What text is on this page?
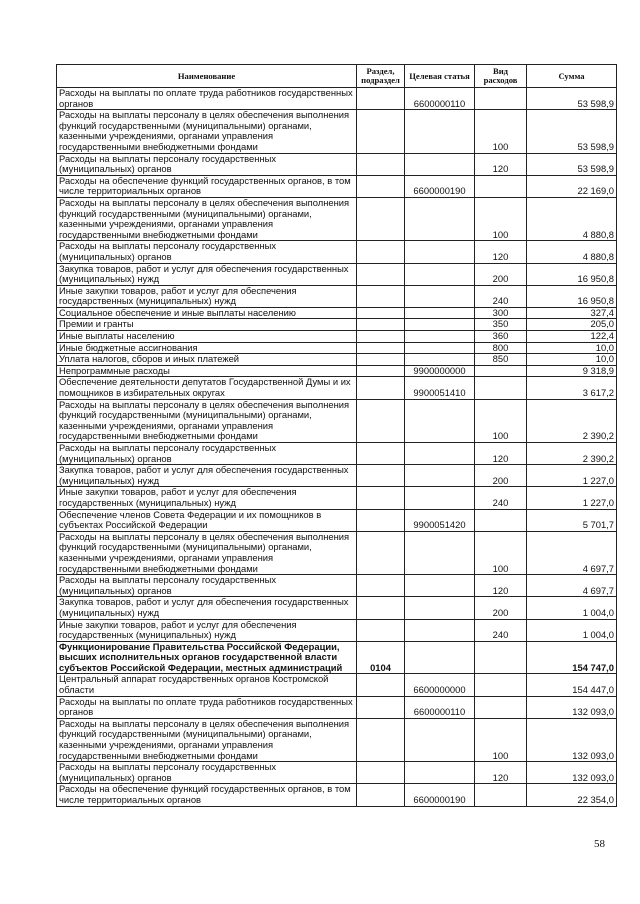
Наименование	Раздел, подраздел	Целевая статья	Вид расходов	Сумма
Расходы на выплаты по оплате труда работников государственных органов		6600000110		53 598,9
Расходы на выплаты персоналу в целях обеспечения выполнения функций государственными (муниципальными) органами, казенными учреждениями, органами управления государственными внебюджетными фондами			100	53 598,9
Расходы на выплаты персоналу государственных (муниципальных) органов			120	53 598,9
Расходы на обеспечение функций государственных органов, в том числе территориальных органов		6600000190		22 169,0
Расходы на выплаты персоналу в целях обеспечения выполнения функций государственными (муниципальными) органами, казенными учреждениями, органами управления государственными внебюджетными фондами			100	4 880,8
Расходы на выплаты персоналу государственных (муниципальных) органов			120	4 880,8
Закупка товаров, работ и услуг для обеспечения государственных (муниципальных) нужд			200	16 950,8
Иные закупки товаров, работ и услуг для обеспечения государственных (муниципальных) нужд			240	16 950,8
Социальное обеспечение и иные выплаты населению			300	327,4
Премии и гранты			350	205,0
Иные выплаты населению			360	122,4
Иные бюджетные ассигнования			800	10,0
Уплата налогов, сборов и иных платежей			850	10,0
Непрограммные расходы		9900000000		9 318,9
Обеспечение деятельности депутатов Государственной Думы и их помощников в избирательных округах		9900051410		3 617,2
Расходы на выплаты персоналу в целях обеспечения выполнения функций государственными (муниципальными) органами, казенными учреждениями, органами управления государственными внебюджетными фондами			100	2 390,2
Расходы на выплаты персоналу государственных (муниципальных) органов			120	2 390,2
Закупка товаров, работ и услуг для обеспечения государственных (муниципальных) нужд			200	1 227,0
Иные закупки товаров, работ и услуг для обеспечения государственных (муниципальных) нужд			240	1 227,0
Обеспечение членов Совета Федерации и их помощников в субъектах Российской Федерации		9900051420		5 701,7
Расходы на выплаты персоналу в целях обеспечения выполнения функций государственными (муниципальными) органами, казенными учреждениями, органами управления государственными внебюджетными фондами			100	4 697,7
Расходы на выплаты персоналу государственных (муниципальных) органов			120	4 697,7
Закупка товаров, работ и услуг для обеспечения государственных (муниципальных) нужд			200	1 004,0
Иные закупки товаров, работ и услуг для обеспечения государственных (муниципальных) нужд			240	1 004,0
Функционирование Правительства Российской Федерации, высших исполнительных органов государственной власти субъектов Российской Федерации, местных администраций	0104			154 747,0
Центральный аппарат государственных органов Костромской области		6600000000		154 447,0
Расходы на выплаты по оплате труда работников государственных органов		6600000110		132 093,0
Расходы на выплаты персоналу в целях обеспечения выполнения функций государственными (муниципальными) органами, казенными учреждениями, органами управления государственными внебюджетными фондами			100	132 093,0
Расходы на выплаты персоналу государственных (муниципальных) органов			120	132 093,0
Расходы на обеспечение функций государственных органов, в том числе территориальных органов		6600000190		22 354,0
58
